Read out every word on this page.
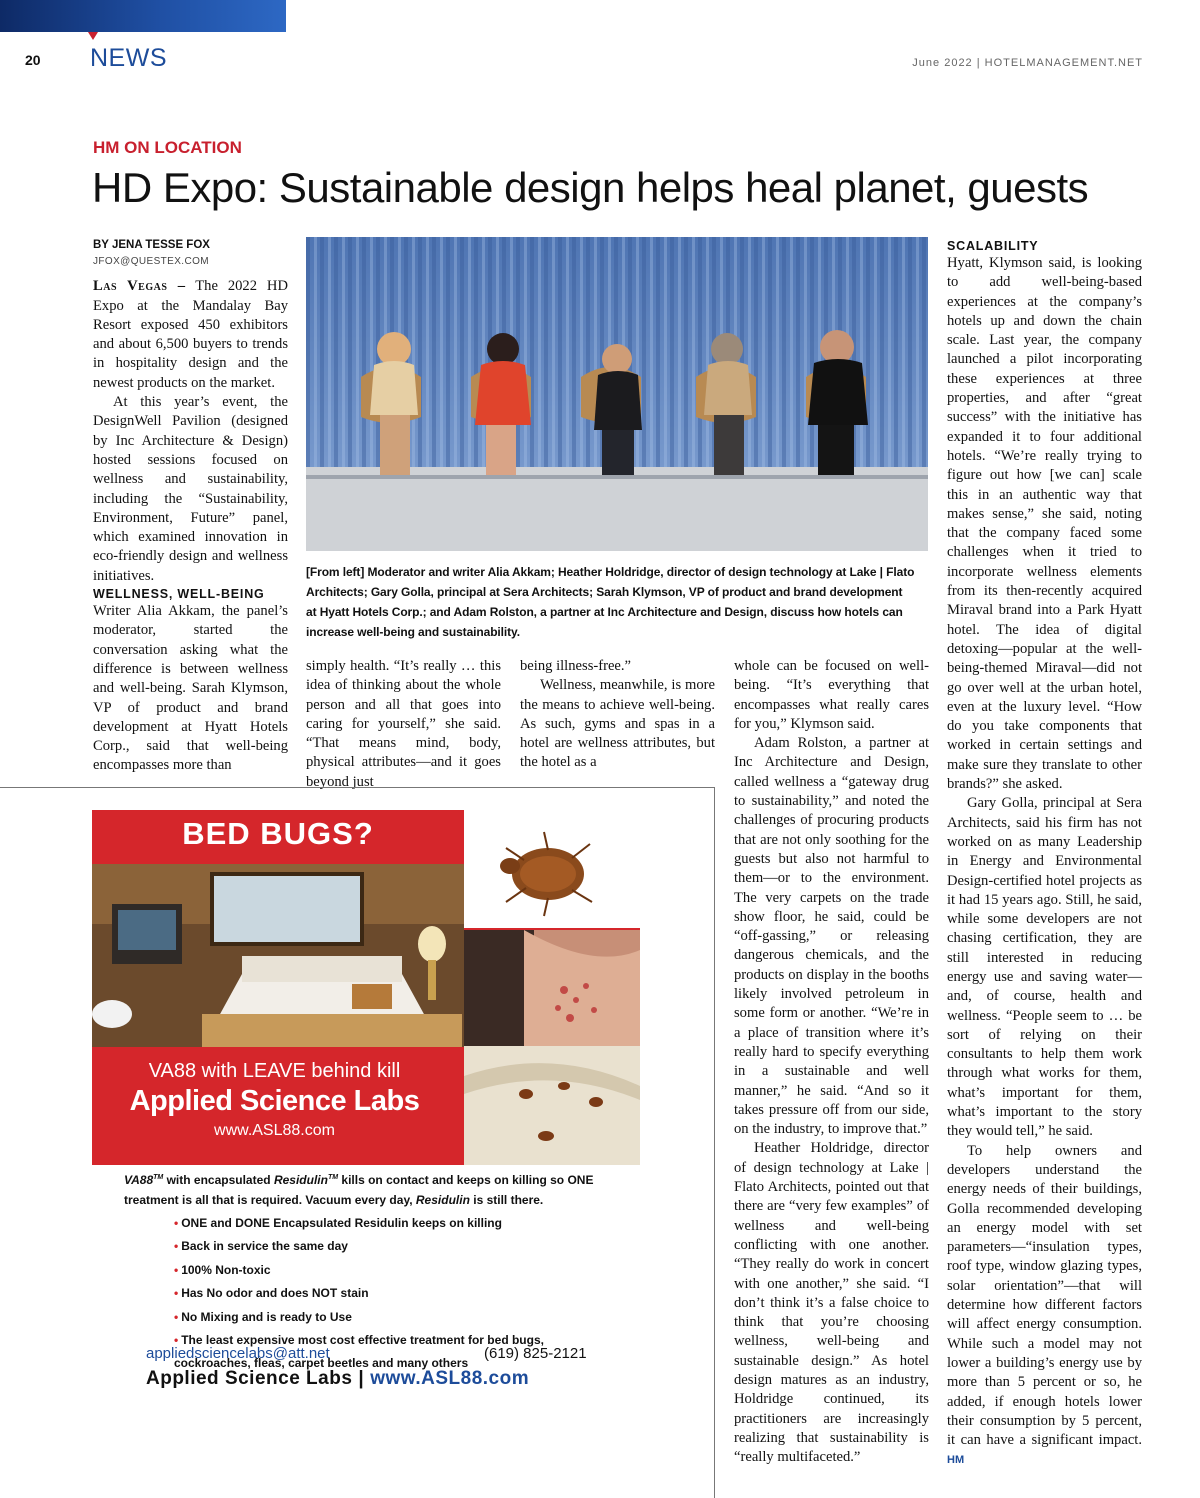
20 NEWS	June 2022 | HOTELMANAGEMENT.NET
HM ON LOCATION
HD Expo: Sustainable design helps heal planet, guests
BY JENA TESSE FOX
JFOX@QUESTEX.COM

Las Vegas – The 2022 HD Expo at the Mandalay Bay Resort exposed 450 exhibitors and about 6,500 buyers to trends in hospitality design and the newest products on the market.

At this year’s event, the DesignWell Pavilion (designed by Inc Architecture & Design) hosted sessions focused on wellness and sustainability, including the “Sustainability, Environment, Future” panel, which examined innovation in eco-friendly design and wellness initiatives.

WELLNESS, WELL-BEING

Writer Alia Akkam, the panel’s moderator, started the conversation asking what the difference is between wellness and well-being. Sarah Klymson, VP of product and brand development at Hyatt Hotels Corp., said that well-being encompasses more than

[From left] Moderator and writer Alia Akkam; Heather Holdridge, director of design technology at Lake | Flato Architects; Gary Golla, principal at Sera Architects; Sarah Klymson, VP of product and brand development at Hyatt Hotels Corp.; and Adam Rolston, a partner at Inc Architecture and Design, discuss how hotels can increase well-being and sustainability.

simply health. “It’s really … this idea of thinking about the whole person and all that goes into caring for yourself,” she said. “That means mind, body, physical attributes—and it goes beyond just

being illness-free.”

Wellness, meanwhile, is more the means to achieve well-being. As such, gyms and spas in a hotel are wellness attributes, but the hotel as a

whole can be focused on well-being. “It’s everything that encompasses what really cares for you,” Klymson said.

Adam Rolston, a partner at Inc Architecture and Design, called wellness a “gateway drug to sustainability,” and noted the challenges of procuring products that are not only soothing for the guests but also not harmful to them—or to the environment. The very carpets on the trade show floor, he said, could be “off-gassing,” or releasing dangerous chemicals, and the products on display in the booths likely involved petroleum in some form or another. “We’re in a place of transition where it’s really hard to specify everything in a sustainable and well manner,” he said. “And so it takes pressure off from our side, on the industry, to improve that.”

Heather Holdridge, director of design technology at Lake | Flato Architects, pointed out that there are “very few examples” of wellness and well-being conflicting with one another. “They really do work in concert with one another,” she said. “I don’t think it’s a false choice to think that you’re choosing wellness, well-being and sustainable design.” As hotel design matures as an industry, Holdridge continued, its practitioners are increasingly realizing that sustainability is “really multifaceted.”

SCALABILITY

Hyatt, Klymson said, is looking to add well-being-based experiences at the company’s hotels up and down the chain scale. Last year, the company launched a pilot incorporating these experiences at three properties, and after “great success” with the initiative has expanded it to four additional hotels. “We’re really trying to figure out how [we can] scale this in an authentic way that makes sense,” she said, noting that the company faced some challenges when it tried to incorporate wellness elements from its then-recently acquired Miraval brand into a Park Hyatt hotel. The idea of digital detoxing—popular at the well-being-themed Miraval—did not go over well at the urban hotel, even at the luxury level. “How do you take components that worked in certain settings and make sure they translate to other brands?” she asked.

Gary Golla, principal at Sera Architects, said his firm has not worked on as many Leadership in Energy and Environmental Design-certified hotel projects as it had 15 years ago. Still, he said, while some developers are not chasing certification, they are still interested in reducing energy use and saving water—and, of course, health and wellness. “People seem to … be sort of relying on their consultants to help them work through what works for them, what’s important for them, what’s important to the story they would tell,” he said.

To help owners and developers understand the energy needs of their buildings, Golla recommended developing an energy model with set parameters—“insulation types, roof type, window glazing types, solar orientation”—that will determine how different factors will affect energy consumption. While such a model may not lower a building’s energy use by more than 5 percent or so, he added, if enough hotels lower their consumption by 5 percent, it can have a significant impact. HM

BED BUGS?
VA88 with LEAVE behind kill
Applied Science Labs
www.ASL88.com
VA88™ with encapsulated Residulin™ kills on contact and keeps on killing so ONE treatment is all that is required. Vacuum every day, Residulin is still there.
• ONE and DONE Encapsulated Residulin keeps on killing
• Back in service the same day
• 100% Non-toxic
• Has No odor and does NOT stain
• No Mixing and is ready to Use
• The least expensive most cost effective treatment for bed bugs,
cockroaches, fleas, carpet beetles and many others
appliedsciencelabs@att.net	(619) 825-2121
Applied Science Labs | www.ASL88.com
